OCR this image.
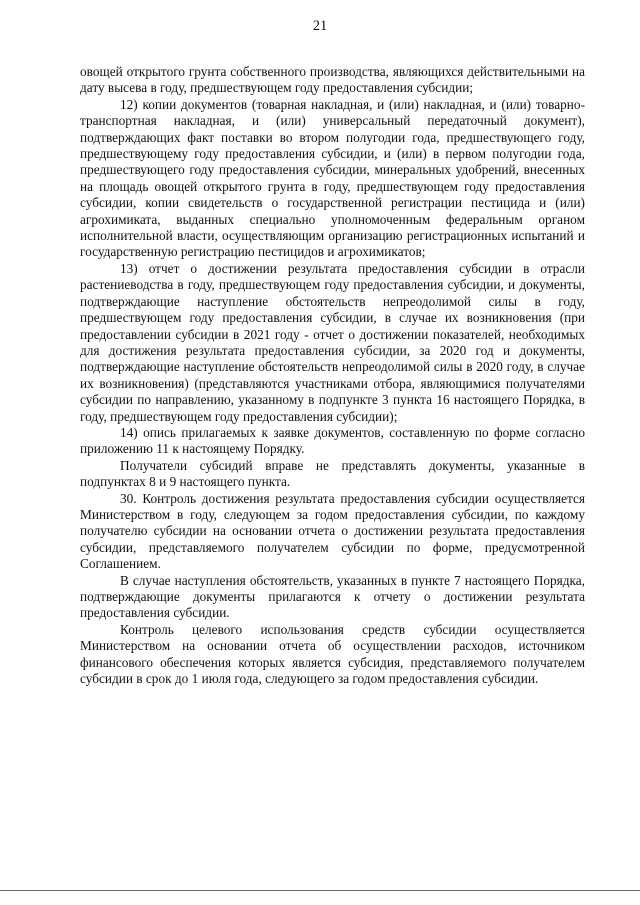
21

овощей открытого грунта собственного производства, являющихся действительными на дату высева в году, предшествующем году предоставления субсидии;

12) копии документов (товарная накладная, и (или) накладная, и (или) товарно-транспортная накладная, и (или) универсальный передаточный документ), подтверждающих факт поставки во втором полугодии года, предшествующего году, предшествующему году предоставления субсидии, и (или) в первом полугодии года, предшествующего году предоставления субсидии, минеральных удобрений, внесенных на площадь овощей открытого грунта в году, предшествующем году предоставления субсидии, копии свидетельств о государственной регистрации пестицида и (или) агрохимиката, выданных специально уполномоченным федеральным органом исполнительной власти, осуществляющим организацию регистрационных испытаний и государственную регистрацию пестицидов и агрохимикатов;

13) отчет о достижении результата предоставления субсидии в отрасли растениеводства в году, предшествующем году предоставления субсидии, и документы, подтверждающие наступление обстоятельств непреодолимой силы в году, предшествующем году предоставления субсидии, в случае их возникновения (при предоставлении субсидии в 2021 году - отчет о достижении показателей, необходимых для достижения результата предоставления субсидии, за 2020 год и документы, подтверждающие наступление обстоятельств непреодолимой силы в 2020 году, в случае их возникновения) (представляются участниками отбора, являющимися получателями субсидии по направлению, указанному в подпункте 3 пункта 16 настоящего Порядка, в году, предшествующем году предоставления субсидии);

14) опись прилагаемых к заявке документов, составленную по форме согласно приложению 11 к настоящему Порядку.

Получатели субсидий вправе не представлять документы, указанные в подпунктах 8 и 9 настоящего пункта.

30. Контроль достижения результата предоставления субсидии осуществляется Министерством в году, следующем за годом предоставления субсидии, по каждому получателю субсидии на основании отчета о достижении результата предоставления субсидии, представляемого получателем субсидии по форме, предусмотренной Соглашением.

В случае наступления обстоятельств, указанных в пункте 7 настоящего Порядка, подтверждающие документы прилагаются к отчету о достижении результата предоставления субсидии.

Контроль целевого использования средств субсидии осуществляется Министерством на основании отчета об осуществлении расходов, источником финансового обеспечения которых является субсидия, представляемого получателем субсидии в срок до 1 июля года, следующего за годом предоставления субсидии.
